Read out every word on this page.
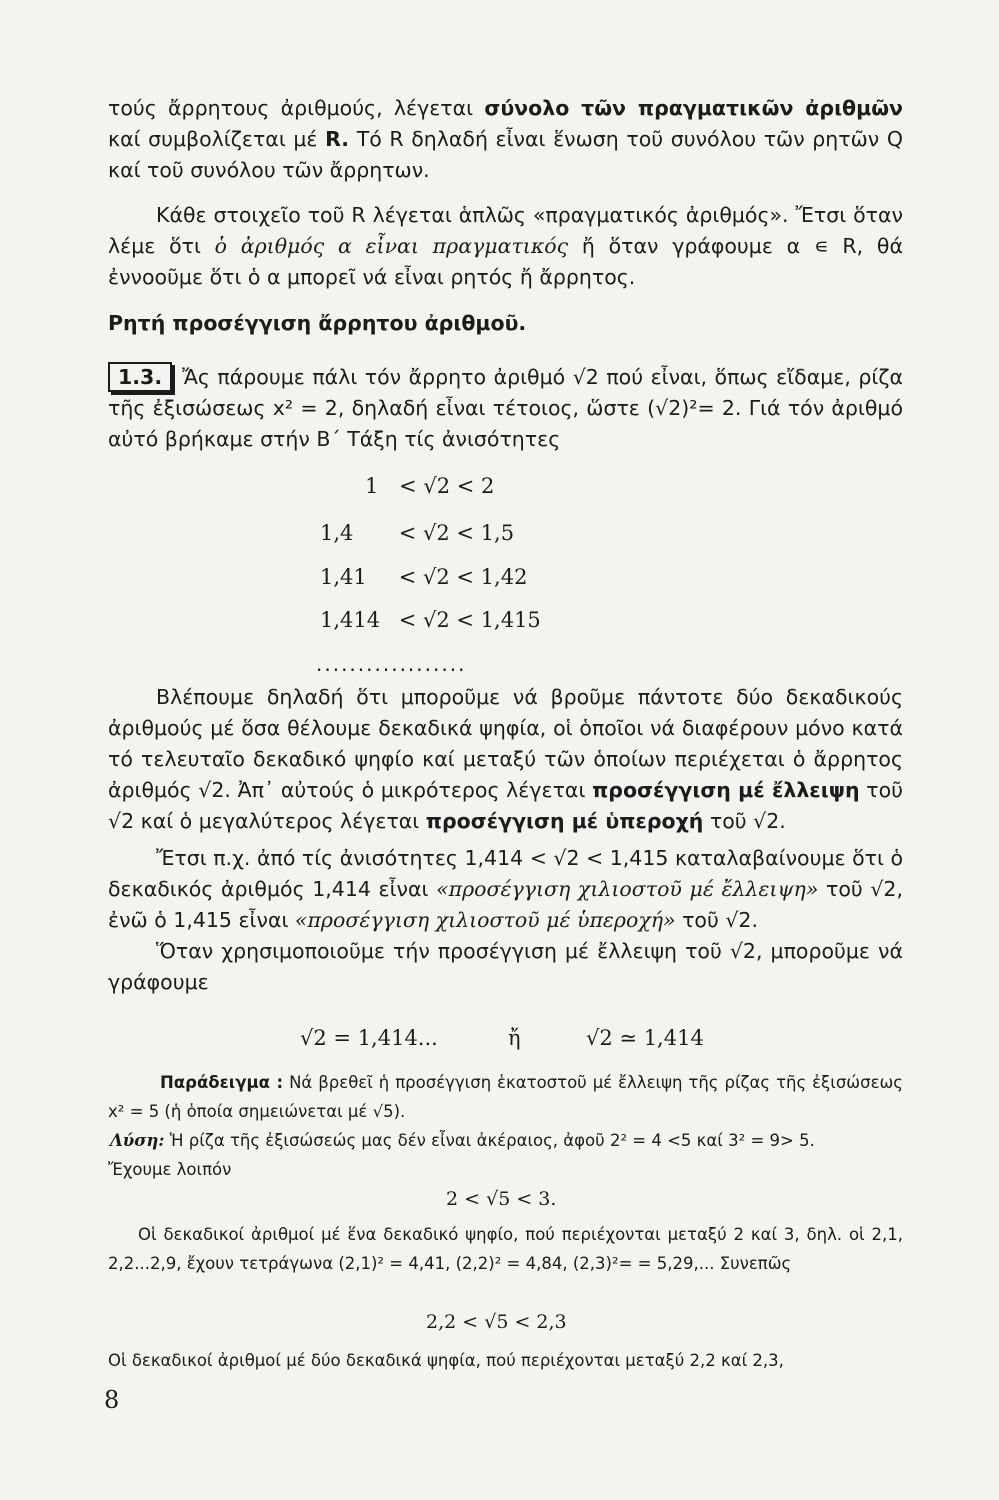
τούς ἄρρητους ἀριθμούς, λέγεται σύνολο τῶν πραγματικῶν ἀριθμῶν καί συμβολίζεται μέ R. Τό R δηλαδή εἶναι ἕνωση τοῦ συνόλου τῶν ρητῶν Q καί τοῦ συνόλου τῶν ἄρρητων.

Κάθε στοιχεῖο τοῦ R λέγεται ἁπλῶς «πραγματικός ἀριθμός». Ἔτσι ὅταν λέμε ὅτι ὁ ἀριθμός α εἶναι πραγματικός ἤ ὅταν γράφουμε α ∊ R, θά ἐννοοῦμε ὅτι ὁ α μπορεῖ νά εἶναι ρητός ἤ ἄρρητος.

Ρητή προσέγγιση ἄρρητου ἀριθμοῦ.

1.3. Ἄς πάρουμε πάλι τόν ἄρρητο ἀριθμό √2 πού εἶναι, ὅπως εἴδαμε, ρίζα τῆς ἐξισώσεως x² = 2, δηλαδή εἶναι τέτοιος, ὥστε (√2)²= 2. Γιά τόν ἀριθμό αὐτό βρήκαμε στήν Β΄ Τάξη τίς ἀνισότητες

1 < √2 < 2
1,4 < √2 < 1,5
1,41 < √2 < 1,42
1,414 < √2 < 1,415
..................

Βλέπουμε δηλαδή ὅτι μποροῦμε νά βροῦμε πάντοτε δύο δεκαδικούς ἀριθμούς μέ ὅσα θέλουμε δεκαδικά ψηφία, οἱ ὁποῖοι νά διαφέρουν μόνο κατά τό τελευταῖο δεκαδικό ψηφίο καί μεταξύ τῶν ὁποίων περιέχεται ὁ ἄρρητος ἀριθμός √2. Ἀπ᾽ αὐτούς ὁ μικρότερος λέγεται προσέγγιση μέ ἔλλειψη τοῦ √2 καί ὁ μεγαλύτερος λέγεται προσέγγιση μέ ὑπεροχή τοῦ √2.

Ἔτσι π.χ. ἀπό τίς ἀνισότητες 1,414 < √2 < 1,415 καταλαβαίνουμε ὅτι ὁ δεκαδικός ἀριθμός 1,414 εἶναι «προσέγγιση χιλιοστοῦ μέ ἔλλειψη» τοῦ √2, ἐνῶ ὁ 1,415 εἶναι «προσέγγιση χιλιοστοῦ μέ ὑπεροχή» τοῦ √2.

Ὅταν χρησιμοποιοῦμε τήν προσέγγιση μέ ἔλλειψη τοῦ √2, μποροῦμε νά γράφουμε

√2 = 1,414...	ἤ	√2 ≃ 1,414

Παράδειγμα : Νά βρεθεῖ ἡ προσέγγιση ἑκατοστοῦ μέ ἔλλειψη τῆς ρίζας τῆς ἐξισώσεως x² = 5 (ἡ ὁποία σημειώνεται μέ √5).

Λύση: Ἡ ρίζα τῆς ἐξισώσεώς μας δέν εἶναι ἀκέραιος, ἀφοῦ 2² = 4 <5 καί 3² = 9> 5.

Ἔχουμε λοιπόν

2 < √5 < 3.

Οἱ δεκαδικοί ἀριθμοί μέ ἕνα δεκαδικό ψηφίο, πού περιέχονται μεταξύ 2 καί 3, δηλ. οἱ 2,1, 2,2...2,9, ἔχουν τετράγωνα (2,1)² = 4,41, (2,2)² = 4,84, (2,3)²= = 5,29,... Συνεπῶς

2,2 < √5 < 2,3

Οἱ δεκαδικοί ἀριθμοί μέ δύο δεκαδικά ψηφία, πού περιέχονται μεταξύ 2,2 καί 2,3,

8
